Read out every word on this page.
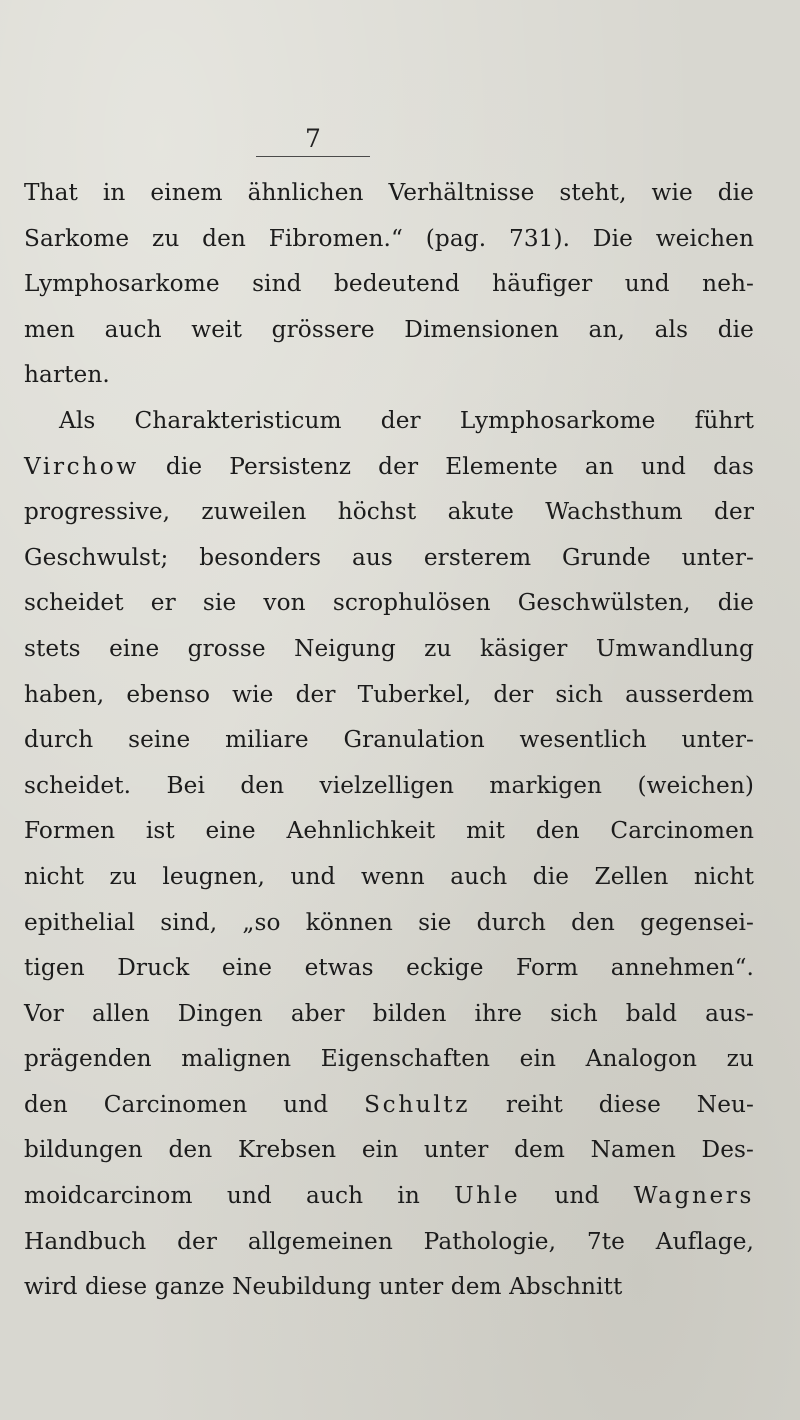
7
That in einem ähnlichen Verhältnisse steht, wie die
Sarkome zu den Fibromen.“ (pag. 731). Die weichen
Lymphosarkome sind bedeutend häufiger und neh-
men auch weit grössere Dimensionen an, als die
harten.
Als Charakteristicum der Lymphosarkome führt
Virchow die Persistenz der Elemente an und das
progressive, zuweilen höchst akute Wachsthum der
Geschwulst; besonders aus ersterem Grunde unter-
scheidet er sie von scrophulösen Geschwülsten, die
stets eine grosse Neigung zu käsiger Umwandlung
haben, ebenso wie der Tuberkel, der sich ausserdem
durch seine miliare Granulation wesentlich unter-
scheidet. Bei den vielzelligen markigen (weichen)
Formen ist eine Aehnlichkeit mit den Carcinomen
nicht zu leugnen, und wenn auch die Zellen nicht
epithelial sind, „so können sie durch den gegensei-
tigen Druck eine etwas eckige Form annehmen“.
Vor allen Dingen aber bilden ihre sich bald aus-
prägenden malignen Eigenschaften ein Analogon zu
den Carcinomen und Schultz reiht diese Neu-
bildungen den Krebsen ein unter dem Namen Des-
moidcarcinom und auch in Uhle und Wagners
Handbuch der allgemeinen Pathologie, 7te Auflage,
wird diese ganze Neubildung unter dem Abschnitt
